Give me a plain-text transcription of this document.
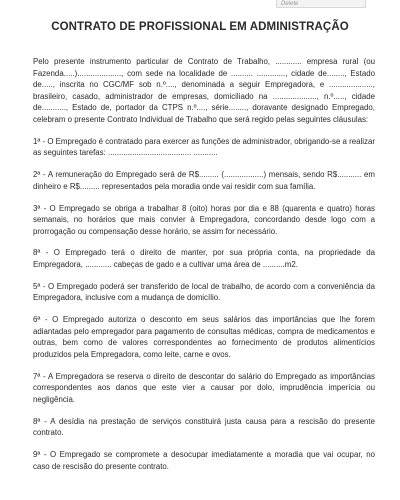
Delete
CONTRATO DE PROFISSIONAL EM ADMINISTRAÇÃO

Pelo presente instrumento particular de Contrato de Trabalho, ............ empresa rural (ou Fazenda.....)...................., com sede na localidade de .......... ............., cidade de........, Estado de....., inscrita no CGC/MF sob n.º...., denominada a seguir Empregadora, e ...................., brasileiro, casado, administrador de empresas, domiciliado na ...................., n.º....., cidade de..........., Estado de, portador da CTPS n.º...., série........, doravante designado Empregado, celebram o presente Contrato Individual de Trabalho que será regido pelas seguintes cláusulas:

1ª - O Empregado é contratado para exercer as funções de administrador, obrigando-se a realizar as seguintes tarefas: ...................................... ...........

2ª - A remuneração do Empregado será de R$......... (..................) mensais, sendo R$........... em dinheiro e R$......... representados pela moradia onde vai residir com sua família.

3ª - O Empregado se obriga a trabalhar 8 (oito) horas por dia e 88 (quarenta e quatro) horas semanais, no horários que mais convier à Empregadora, concordando desde logo com a prorrogação ou compensação desse horário, se assim for necessário.

8ª - O Empregado terá o direito de manter, por sua própria conta, na propriedade da Empregadora, ............ cabeças de gado e a cultivar uma área de ..........m2.

5ª - O Empregado poderá ser transferido de local de trabalho, de acordo com a conveniência da Empregadora, inclusive com a mudança de domicílio.

6ª - O Empregado autoriza o desconto em seus salários das importâncias que lhe forem adiantadas pelo empregador para pagamento de consultas médicas, compra de medicamentos e outras, bem como de valores correspondentes ao fornecimento de produtos alimentícios produzidos pela Empregadora, como leite, carne e ovos.

7ª - A Empregadora se reserva o direito de descontar do salário do Empregado as importâncias correspondentes aos danos que este vier a causar por dolo, imprudência imperícia ou negligência.

8ª - A desídia na prestação de serviços constituirá justa causa para a rescisão do presente contrato.

9ª - O Empregado se compromete a desocupar imediatamente a moradia que vai ocupar, no caso de rescisão do presente contrato.
